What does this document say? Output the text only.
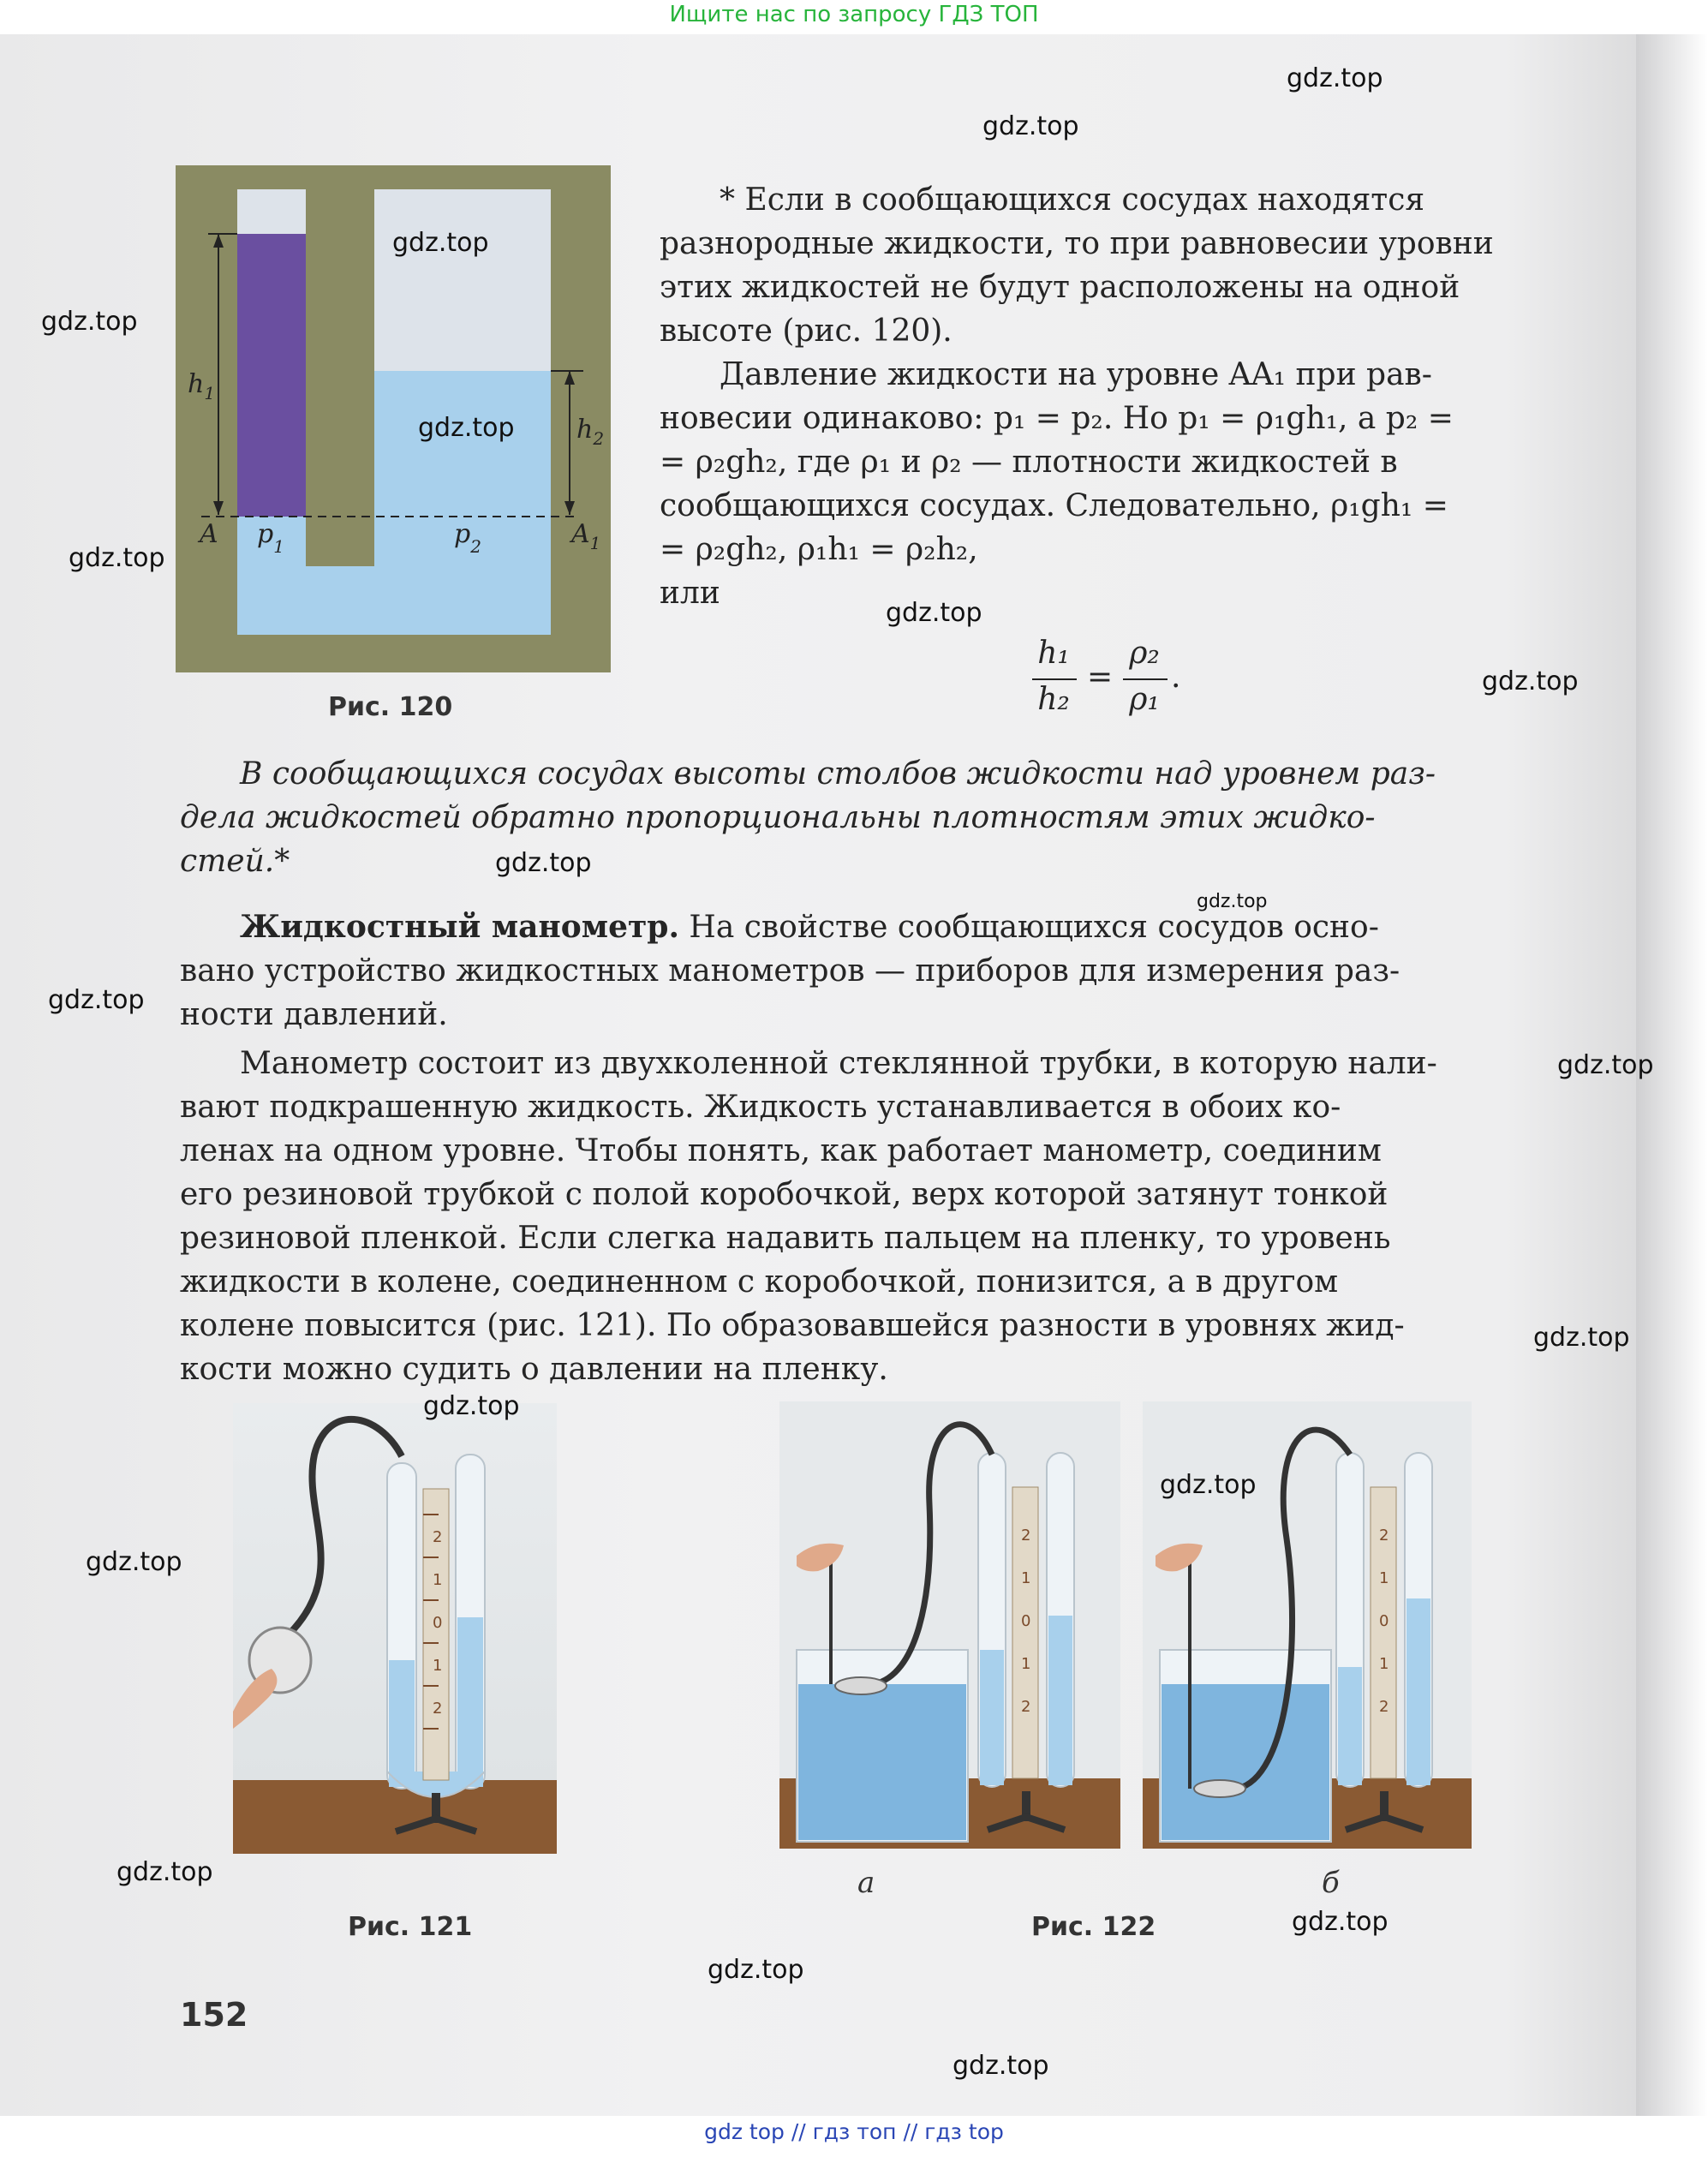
Ищите нас по запросу ГДЗ ТОП
$h_1$
$h_2$
A	$A_1$
$p_1$	$p_2$
Рис. 120
* Если в сообщающихся сосудах находятся
разнородные жидкости, то при равновесии уровни
этих жидкостей не будут расположены на одной
высоте (рис. 120).
Давление жидкости на уровне AA₁ при рав-
новесии одинаково: p₁ = p₂. Но p₁ = ρ₁gh₁, а p₂ =
= ρ₂gh₂, где ρ₁ и ρ₂ — плотности жидкостей в
сообщающихся сосудах. Следовательно, ρ₁gh₁ =
= ρ₂gh₂, ρ₁h₁ = ρ₂h₂,
или
h₁
h₂
=
ρ₂
ρ₁
.
В сообщающихся сосудах высоты столбов жидкости над уровнем раз-
дела жидкостей обратно пропорциональны плотностям этих жидко-
стей.*
Жидкостный манометр. На свойстве сообщающихся сосудов осно-
вано устройство жидкостных манометров — приборов для измерения раз-
ности давлений.
Манометр состоит из двухколенной стеклянной трубки, в которую нали-
вают подкрашенную жидкость. Жидкость устанавливается в обоих ко-
ленах на одном уровне. Чтобы понять, как работает манометр, соединим
его резиновой трубкой с полой коробочкой, верх которой затянут тонкой
резиновой пленкой. Если слегка надавить пальцем на пленку, то уровень
жидкости в колене, соединенном с коробочкой, понизится, а в другом
колене повысится (рис. 121). По образовавшейся разности в уровнях жид-
кости можно судить о давлении на пленку.
2
1
0
1
2
Рис. 121
2
1
0
1
2
2
1
0
1
2
а	б
Рис. 122
152
gdz.top
gdz.top
gdz.top
gdz.top
gdz.top
gdz.top
gdz.top
gdz.top
gdz.top
gdz.top
gdz.top
gdz.top
gdz.top
gdz.top
gdz.top
gdz.top
gdz.top
gdz.top
gdz.top
gdz.top
gdz top // гдз топ // гдз top
